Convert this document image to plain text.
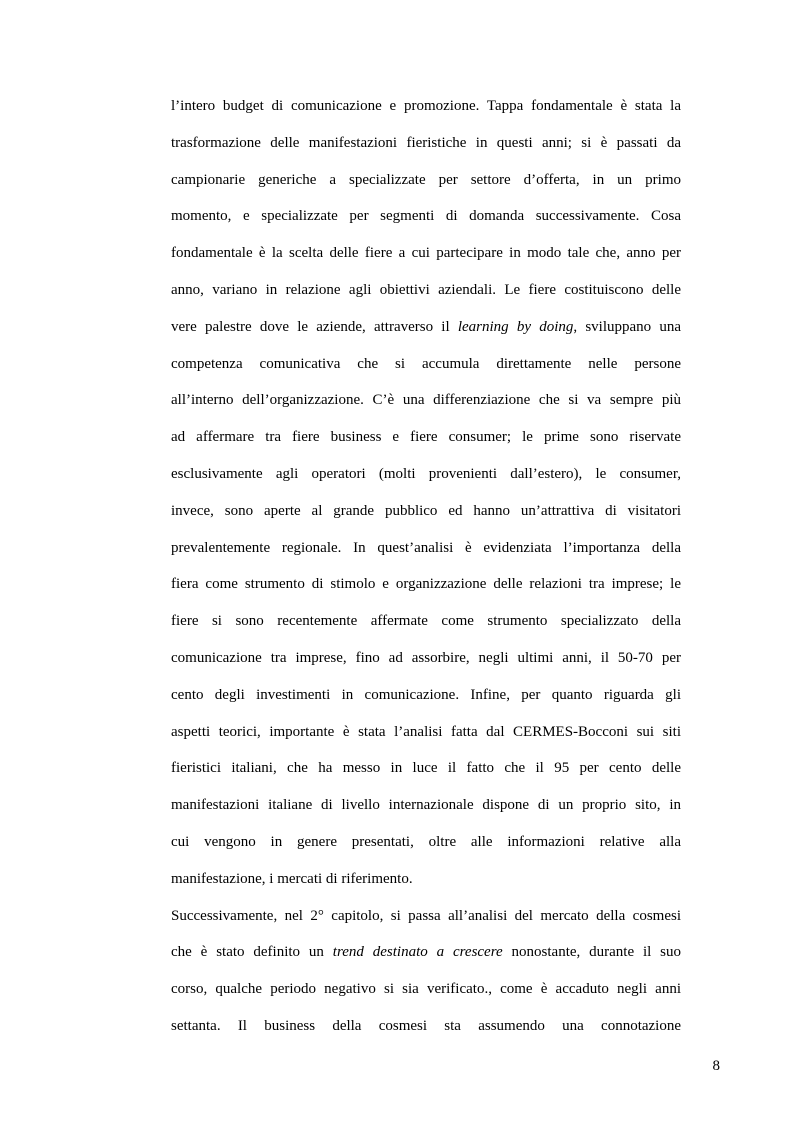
l’intero budget di comunicazione e promozione. Tappa fondamentale è stata la
trasformazione delle manifestazioni fieristiche in questi anni; si è passati da
campionarie generiche a specializzate per settore d’offerta, in un primo
momento, e specializzate per segmenti di domanda successivamente. Cosa
fondamentale è la scelta delle fiere a cui partecipare in modo tale che, anno per
anno, variano in relazione agli obiettivi aziendali. Le fiere costituiscono delle
vere palestre dove le aziende, attraverso il learning by doing, sviluppano una
competenza comunicativa che si accumula direttamente nelle persone
all’interno dell’organizzazione. C’è una differenziazione che si va sempre più
ad affermare tra fiere business e fiere consumer; le prime sono riservate
esclusivamente agli operatori (molti provenienti dall’estero), le consumer,
invece, sono aperte al grande pubblico ed hanno un’attrattiva di visitatori
prevalentemente regionale. In quest’analisi è evidenziata l’importanza della
fiera come strumento di stimolo e organizzazione delle relazioni tra imprese; le
fiere si sono recentemente affermate come strumento specializzato della
comunicazione tra imprese, fino ad assorbire, negli ultimi anni, il 50-70 per
cento degli investimenti in comunicazione. Infine, per quanto riguarda gli
aspetti teorici, importante è stata l’analisi fatta dal CERMES-Bocconi sui siti
fieristici italiani, che ha messo in luce il fatto che il 95 per cento delle
manifestazioni italiane di livello internazionale dispone di un proprio sito, in
cui vengono in genere presentati, oltre alle informazioni relative alla
manifestazione, i mercati di riferimento.
Successivamente, nel 2° capitolo, si passa all’analisi del mercato della cosmesi
che è stato definito un trend destinato a crescere nonostante, durante il suo
corso, qualche periodo negativo si sia verificato., come è accaduto negli anni
settanta. Il business della cosmesi sta assumendo una connotazione
8
